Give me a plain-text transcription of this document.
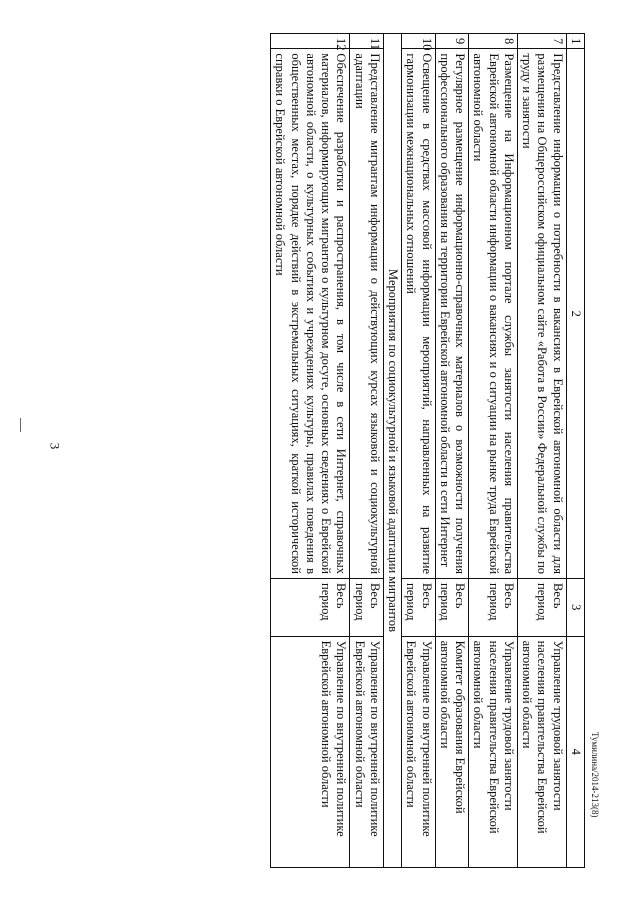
3
Тумилина/2014-213(8)
1	2	3	4
7	Представление информации о потребности в вакансиях в Еврейской автономной области для размещения на Общероссийском официальном сайте «Работа в России» Федеральной службы по труду и занятости	Весь период	Управление трудовой занятости населения правительства Еврейской автономной области
8	Размещение на Информационном портале службы занятости населения правительства Еврейской автономной области информации о вакансиях и о ситуации на рынке труда Еврейской автономной области	Весь период	Управление трудовой занятости населения правительства Еврейской автономной области
9	Регулярное размещение информационно-справочных материалов о возможности получения профессионального образования на территории Еврейской автономной области в сети Интернет	Весь период	Комитет образования Еврейской автономной области
10	Освещение в средствах массовой информации мероприятий, направленных на развитие гармонизации межнациональных отношений	Весь период	Управление по внутренней политике Еврейской автономной области
Мероприятия по социокультурной и языковой адаптации мигрантов			
11	Представление мигрантам информации о действующих курсах языковой и социокультурной адаптации	Весь период	Управление по внутренней политике Еврейской автономной области
12	Обеспечение разработки и распространения, в том числе в сети Интернет, справочных материалов, информирующих мигрантов о культурном досуге, основных сведениях о Еврейской автономной области, о культурных событиях и учреждениях культуры, правилах поведения в общественных местах, порядке действий в экстремальных ситуациях, краткой исторической справки о Еврейской автономной области	Весь период	Управление по внутренней политике Еврейской автономной области
